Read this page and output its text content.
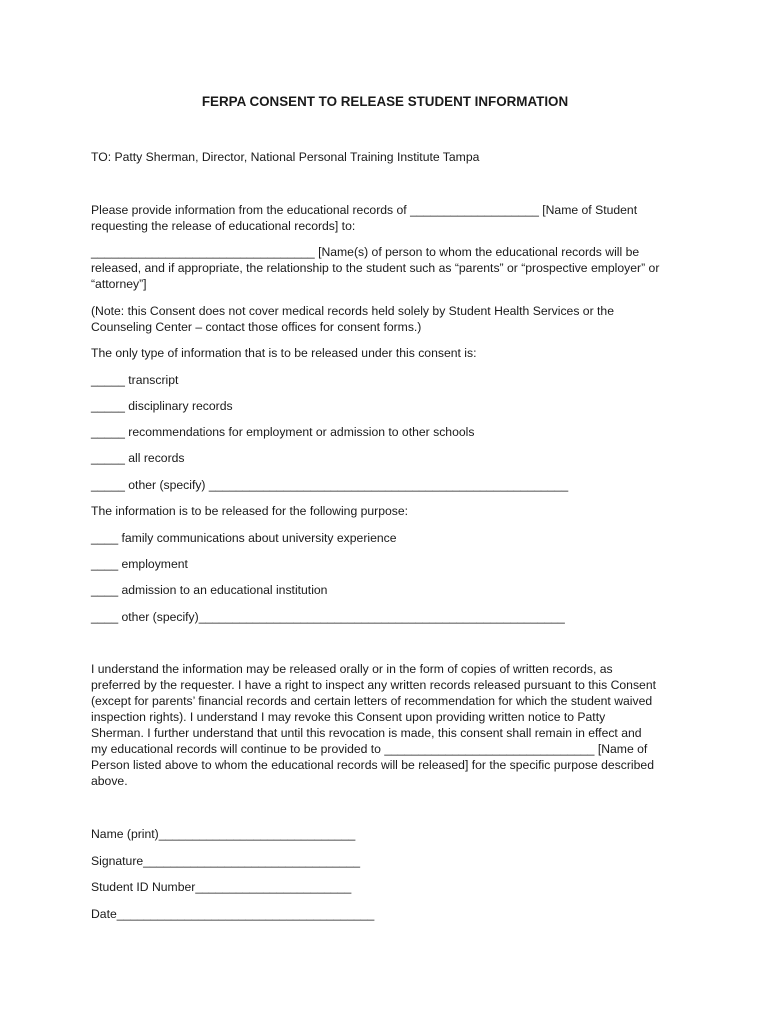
FERPA CONSENT TO RELEASE STUDENT INFORMATION

TO: Patty Sherman, Director, National Personal Training Institute Tampa

Please provide information from the educational records of ___________________ [Name of Student

requesting the release of educational records] to:

_________________________________ [Name(s) of person to whom the educational records will be

released, and if appropriate, the relationship to the student such as “parents” or “prospective employer” or

“attorney”]

(Note: this Consent does not cover medical records held solely by Student Health Services or the

Counseling Center – contact those offices for consent forms.)

The only type of information that is to be released under this consent is:

_____ transcript

_____ disciplinary records

_____ recommendations for employment or admission to other schools

_____ all records

_____ other (specify) _____________________________________________________

The information is to be released for the following purpose:

____ family communications about university experience

____ employment

____ admission to an educational institution

____ other (specify)______________________________________________________

I understand the information may be released orally or in the form of copies of written records, as

preferred by the requester. I have a right to inspect any written records released pursuant to this Consent

(except for parents’ financial records and certain letters of recommendation for which the student waived

inspection rights). I understand I may revoke this Consent upon providing written notice to Patty

Sherman. I further understand that until this revocation is made, this consent shall remain in effect and

my educational records will continue to be provided to _______________________________ [Name of

Person listed above to whom the educational records will be released] for the specific purpose described

above.

Name (print)_____________________________

Signature________________________________

Student ID Number_______________________

Date______________________________________
